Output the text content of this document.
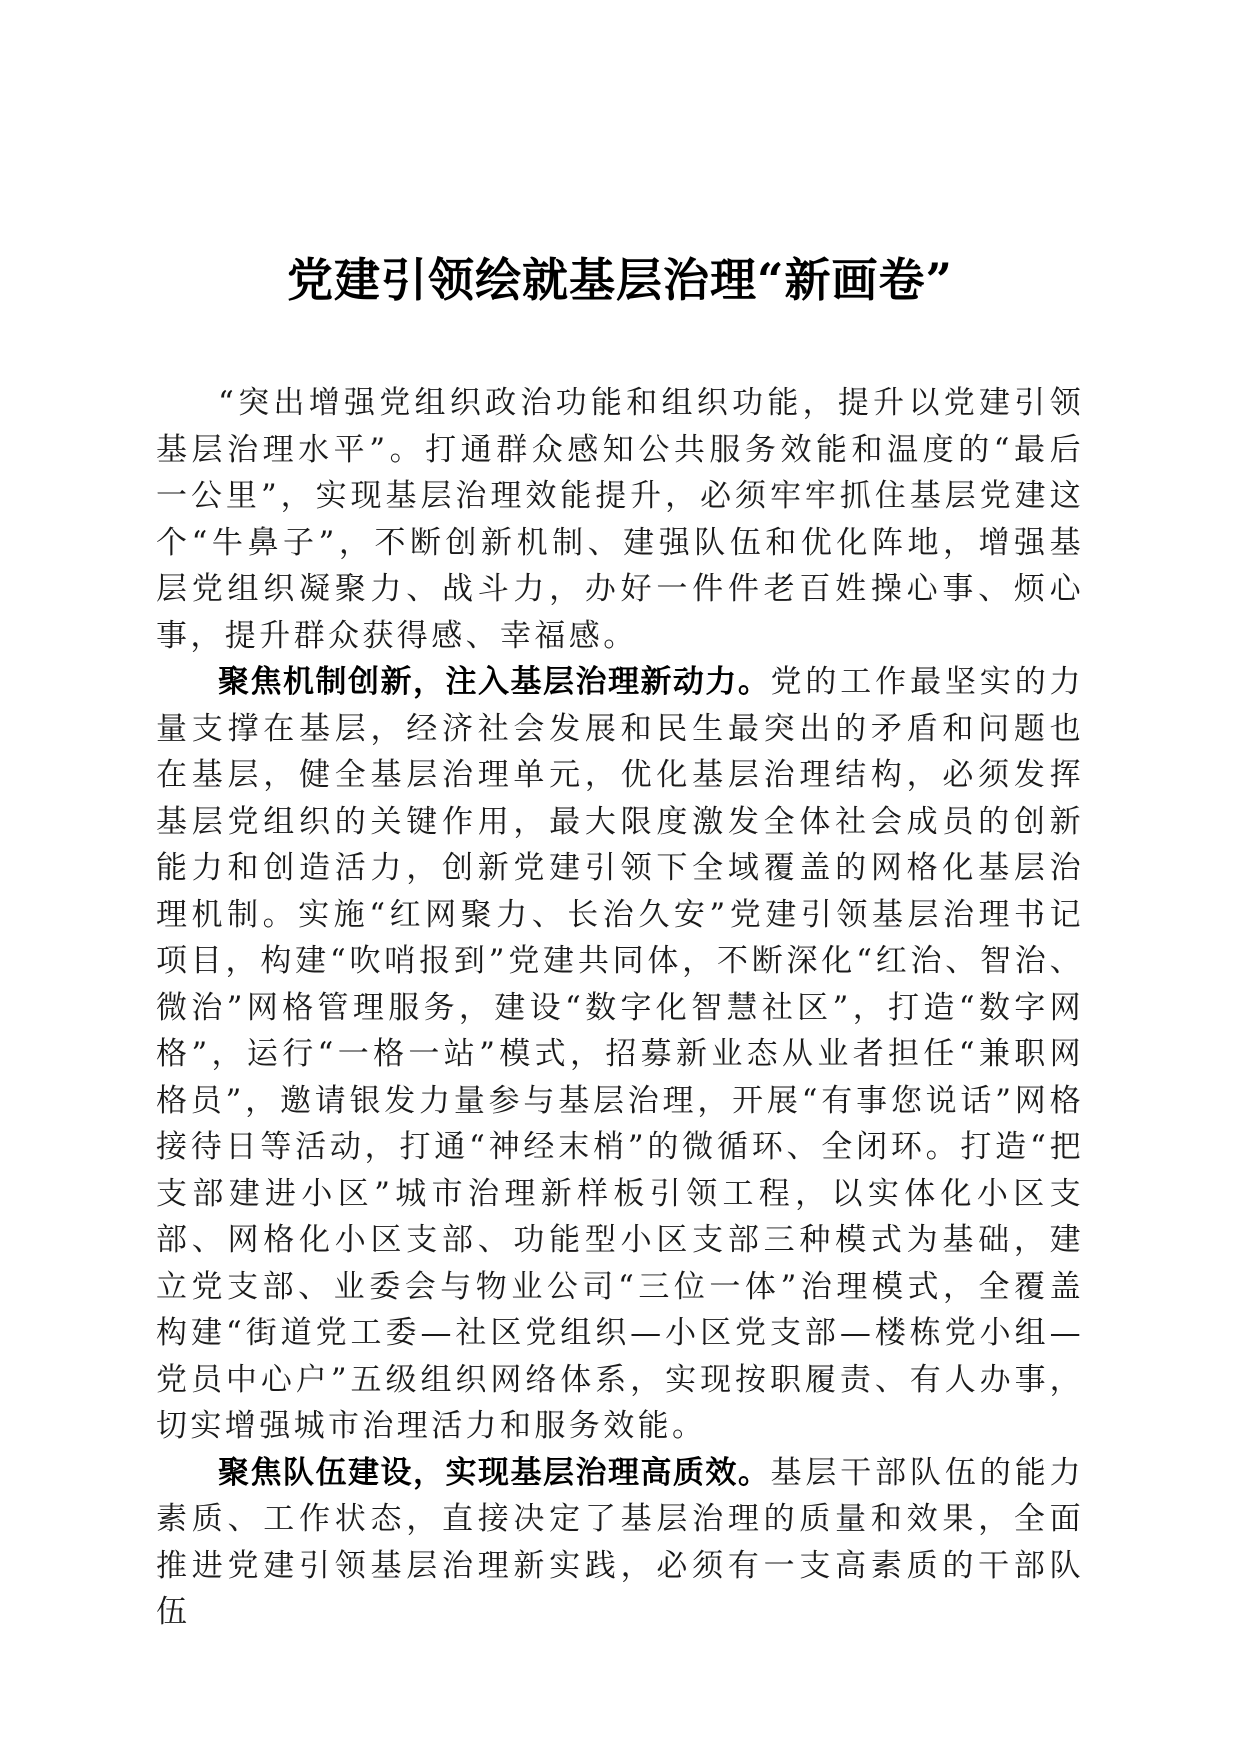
党建引领绘就基层治理“新画卷”

“突出增强党组织政治功能和组织功能，提升以党建引领基层治理水平”。打通群众感知公共服务效能和温度的“最后一公里”，实现基层治理效能提升，必须牢牢抓住基层党建这个“牛鼻子”，不断创新机制、建强队伍和优化阵地，增强基层党组织凝聚力、战斗力，办好一件件老百姓操心事、烦心事，提升群众获得感、幸福感。

聚焦机制创新，注入基层治理新动力。党的工作最坚实的力量支撑在基层，经济社会发展和民生最突出的矛盾和问题也在基层，健全基层治理单元，优化基层治理结构，必须发挥基层党组织的关键作用，最大限度激发全体社会成员的创新能力和创造活力，创新党建引领下全域覆盖的网格化基层治理机制。实施“红网聚力、长治久安”党建引领基层治理书记项目，构建“吹哨报到”党建共同体，不断深化“红治、智治、微治”网格管理服务，建设“数字化智慧社区”，打造“数字网格”，运行“一格一站”模式，招募新业态从业者担任“兼职网格员”，邀请银发力量参与基层治理，开展“有事您说话”网格接待日等活动，打通“神经末梢”的微循环、全闭环。打造“把支部建进小区”城市治理新样板引领工程，以实体化小区支部、网格化小区支部、功能型小区支部三种模式为基础，建立党支部、业委会与物业公司“三位一体”治理模式，全覆盖构建“街道党工委—社区党组织—小区党支部—楼栋党小组—党员中心户”五级组织网络体系，实现按职履责、有人办事，切实增强城市治理活力和服务效能。

聚焦队伍建设，实现基层治理高质效。基层干部队伍的能力素质、工作状态，直接决定了基层治理的质量和效果，全面推进党建引领基层治理新实践，必须有一支高素质的干部队伍
